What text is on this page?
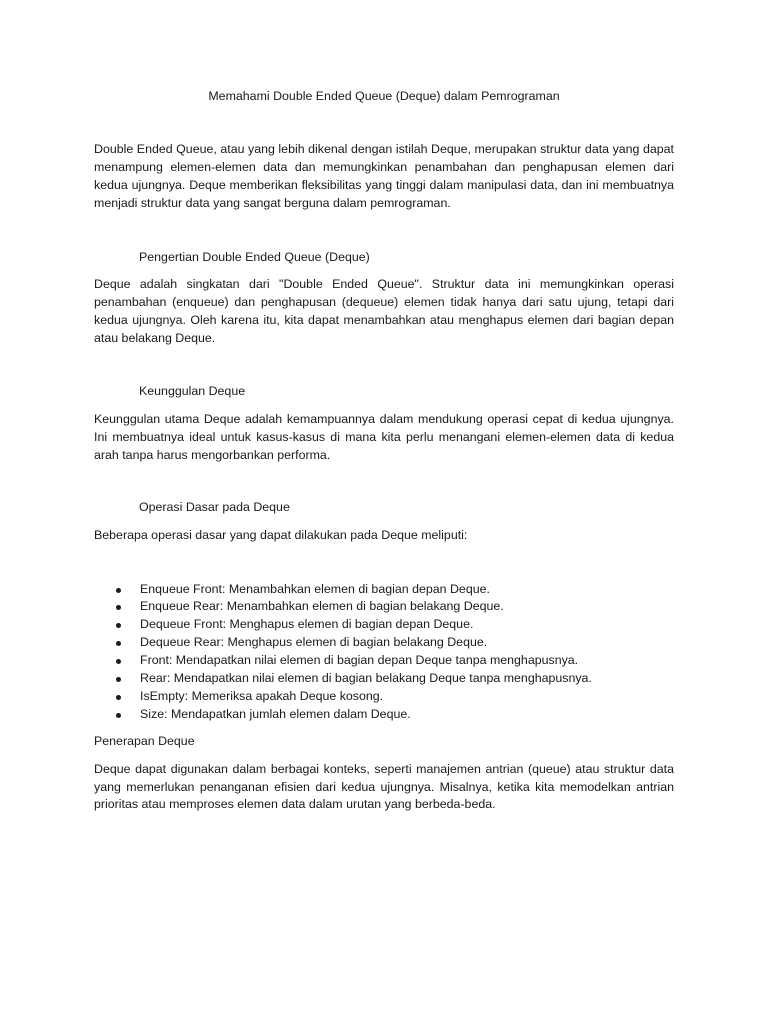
Memahami Double Ended Queue (Deque) dalam Pemrograman

Double Ended Queue, atau yang lebih dikenal dengan istilah Deque, merupakan struktur data yang dapat menampung elemen-elemen data dan memungkinkan penambahan dan penghapusan elemen dari kedua ujungnya. Deque memberikan fleksibilitas yang tinggi dalam manipulasi data, dan ini membuatnya menjadi struktur data yang sangat berguna dalam pemrograman.

Pengertian Double Ended Queue (Deque)

Deque adalah singkatan dari "Double Ended Queue". Struktur data ini memungkinkan operasi penambahan (enqueue) dan penghapusan (dequeue) elemen tidak hanya dari satu ujung, tetapi dari kedua ujungnya. Oleh karena itu, kita dapat menambahkan atau menghapus elemen dari bagian depan atau belakang Deque.

Keunggulan Deque

Keunggulan utama Deque adalah kemampuannya dalam mendukung operasi cepat di kedua ujungnya. Ini membuatnya ideal untuk kasus-kasus di mana kita perlu menangani elemen-elemen data di kedua arah tanpa harus mengorbankan performa.

Operasi Dasar pada Deque

Beberapa operasi dasar yang dapat dilakukan pada Deque meliputi:

Enqueue Front: Menambahkan elemen di bagian depan Deque.
Enqueue Rear: Menambahkan elemen di bagian belakang Deque.
Dequeue Front: Menghapus elemen di bagian depan Deque.
Dequeue Rear: Menghapus elemen di bagian belakang Deque.
Front: Mendapatkan nilai elemen di bagian depan Deque tanpa menghapusnya.
Rear: Mendapatkan nilai elemen di bagian belakang Deque tanpa menghapusnya.
IsEmpty: Memeriksa apakah Deque kosong.
Size: Mendapatkan jumlah elemen dalam Deque.
Penerapan Deque

Deque dapat digunakan dalam berbagai konteks, seperti manajemen antrian (queue) atau struktur data yang memerlukan penanganan efisien dari kedua ujungnya. Misalnya, ketika kita memodelkan antrian prioritas atau memproses elemen data dalam urutan yang berbeda-beda.
